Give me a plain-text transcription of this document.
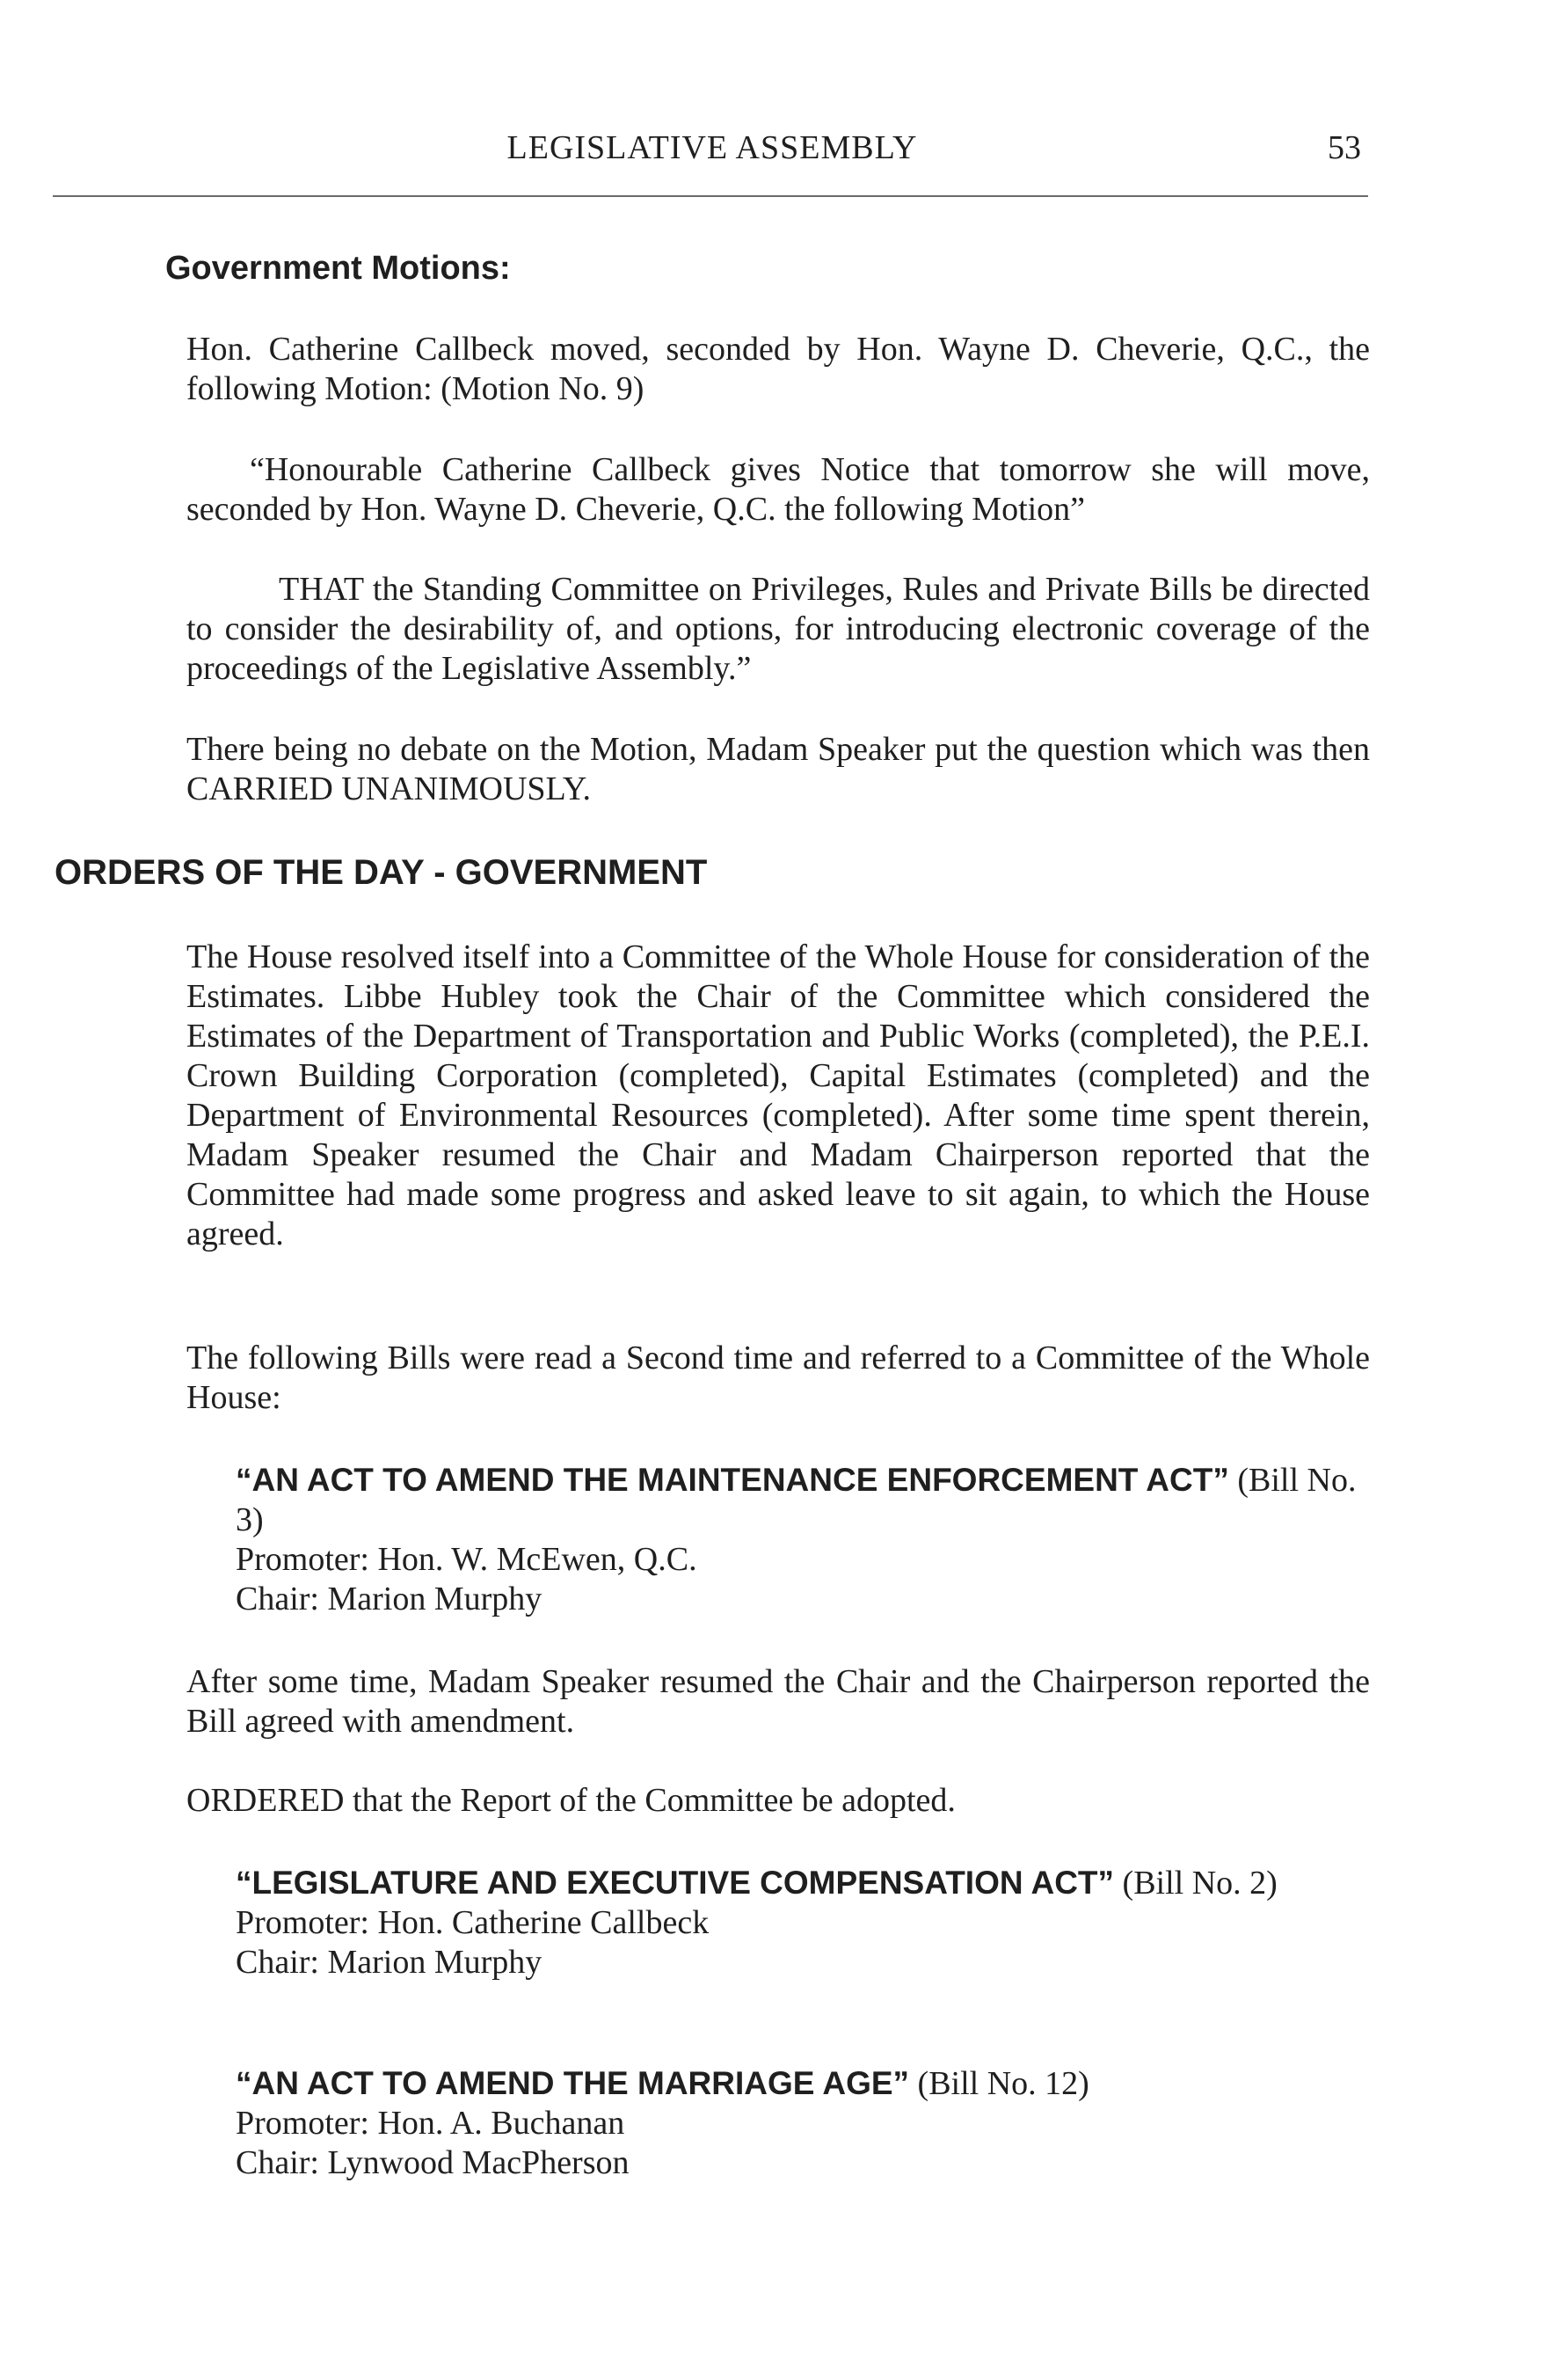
LEGISLATIVE ASSEMBLY	53
Government Motions:
Hon. Catherine Callbeck moved, seconded by Hon. Wayne D. Cheverie, Q.C., the following Motion: (Motion No. 9)
“Honourable Catherine Callbeck gives Notice that tomorrow she will move, seconded by Hon. Wayne D. Cheverie, Q.C. the following Motion”
THAT the Standing Committee on Privileges, Rules and Private Bills be directed to consider the desirability of, and options, for introducing electronic coverage of the proceedings of the Legislative Assembly.”
There being no debate on the Motion, Madam Speaker put the question which was then CARRIED UNANIMOUSLY.
ORDERS OF THE DAY - GOVERNMENT
The House resolved itself into a Committee of the Whole House for consideration of the Estimates. Libbe Hubley took the Chair of the Committee which considered the Estimates of the Department of Transportation and Public Works (completed), the P.E.I. Crown Building Corporation (completed), Capital Estimates (completed) and the Department of Environmental Resources (completed). After some time spent therein, Madam Speaker resumed the Chair and Madam Chairperson reported that the Committee had made some progress and asked leave to sit again, to which the House agreed.
The following Bills were read a Second time and referred to a Committee of the Whole House:
“AN ACT TO AMEND THE MAINTENANCE ENFORCEMENT ACT” (Bill No. 3)
Promoter: Hon. W. McEwen, Q.C.
Chair: Marion Murphy
After some time, Madam Speaker resumed the Chair and the Chairperson reported the Bill agreed with amendment.
ORDERED that the Report of the Committee be adopted.
“LEGISLATURE AND EXECUTIVE COMPENSATION ACT” (Bill No. 2)
Promoter: Hon. Catherine Callbeck
Chair: Marion Murphy
“AN ACT TO AMEND THE MARRIAGE AGE” (Bill No. 12)
Promoter: Hon. A. Buchanan
Chair: Lynwood MacPherson
